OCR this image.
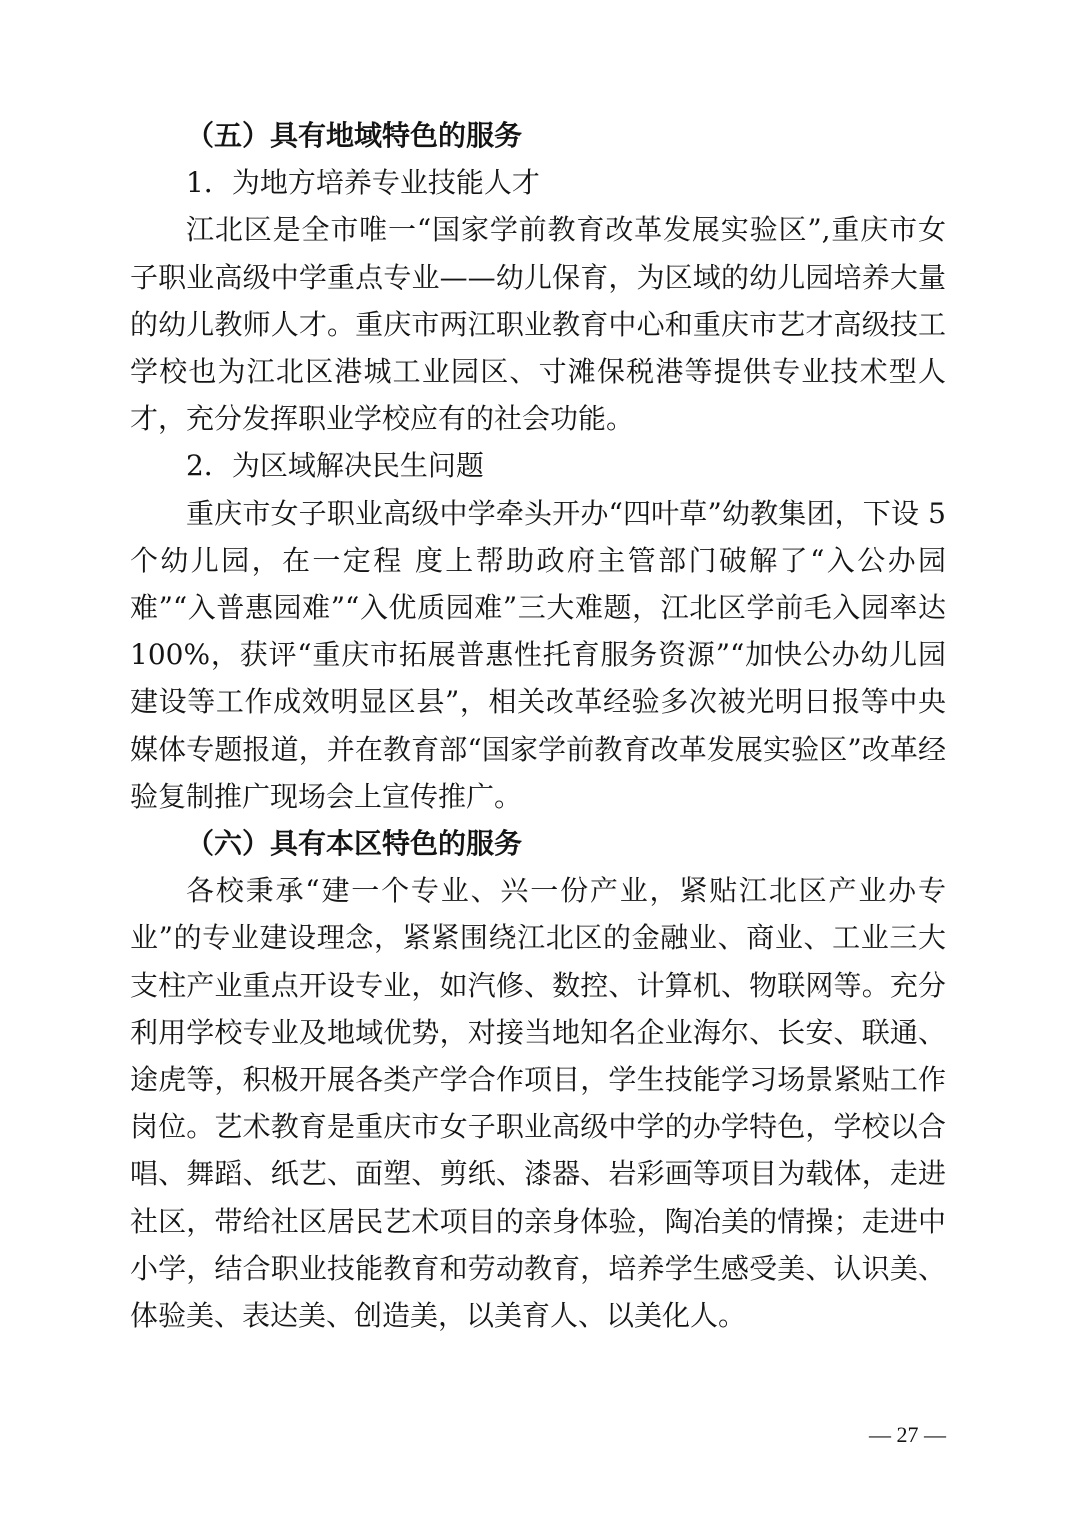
（五）具有地域特色的服务

1．为地方培养专业技能人才

江北区是全市唯一“国家学前教育改革发展实验区”,重庆市女子职业高级中学重点专业——幼儿保育，为区域的幼儿园培养大量的幼儿教师人才。重庆市两江职业教育中心和重庆市艺才高级技工学校也为江北区港城工业园区、寸滩保税港等提供专业技术型人才，充分发挥职业学校应有的社会功能。

2．为区域解决民生问题

重庆市女子职业高级中学牵头开办“四叶草”幼教集团，下设 5 个幼儿园，在一定程 度上帮助政府主管部门破解了“入公办园难”“入普惠园难”“入优质园难”三大难题，江北区学前毛入园率达 100%，获评“重庆市拓展普惠性托育服务资源”“加快公办幼儿园建设等工作成效明显区县”，相关改革经验多次被光明日报等中央媒体专题报道，并在教育部“国家学前教育改革发展实验区”改革经验复制推广现场会上宣传推广。

（六）具有本区特色的服务

各校秉承“建一个专业、兴一份产业，紧贴江北区产业办专业”的专业建设理念，紧紧围绕江北区的金融业、商业、工业三大支柱产业重点开设专业，如汽修、数控、计算机、物联网等。充分利用学校专业及地域优势，对接当地知名企业海尔、长安、联通、途虎等，积极开展各类产学合作项目，学生技能学习场景紧贴工作岗位。艺术教育是重庆市女子职业高级中学的办学特色，学校以合唱、舞蹈、纸艺、面塑、剪纸、漆器、岩彩画等项目为载体，走进社区，带给社区居民艺术项目的亲身体验，陶冶美的情操；走进中小学，结合职业技能教育和劳动教育，培养学生感受美、认识美、体验美、表达美、创造美，以美育人、以美化人。

— 27 —
